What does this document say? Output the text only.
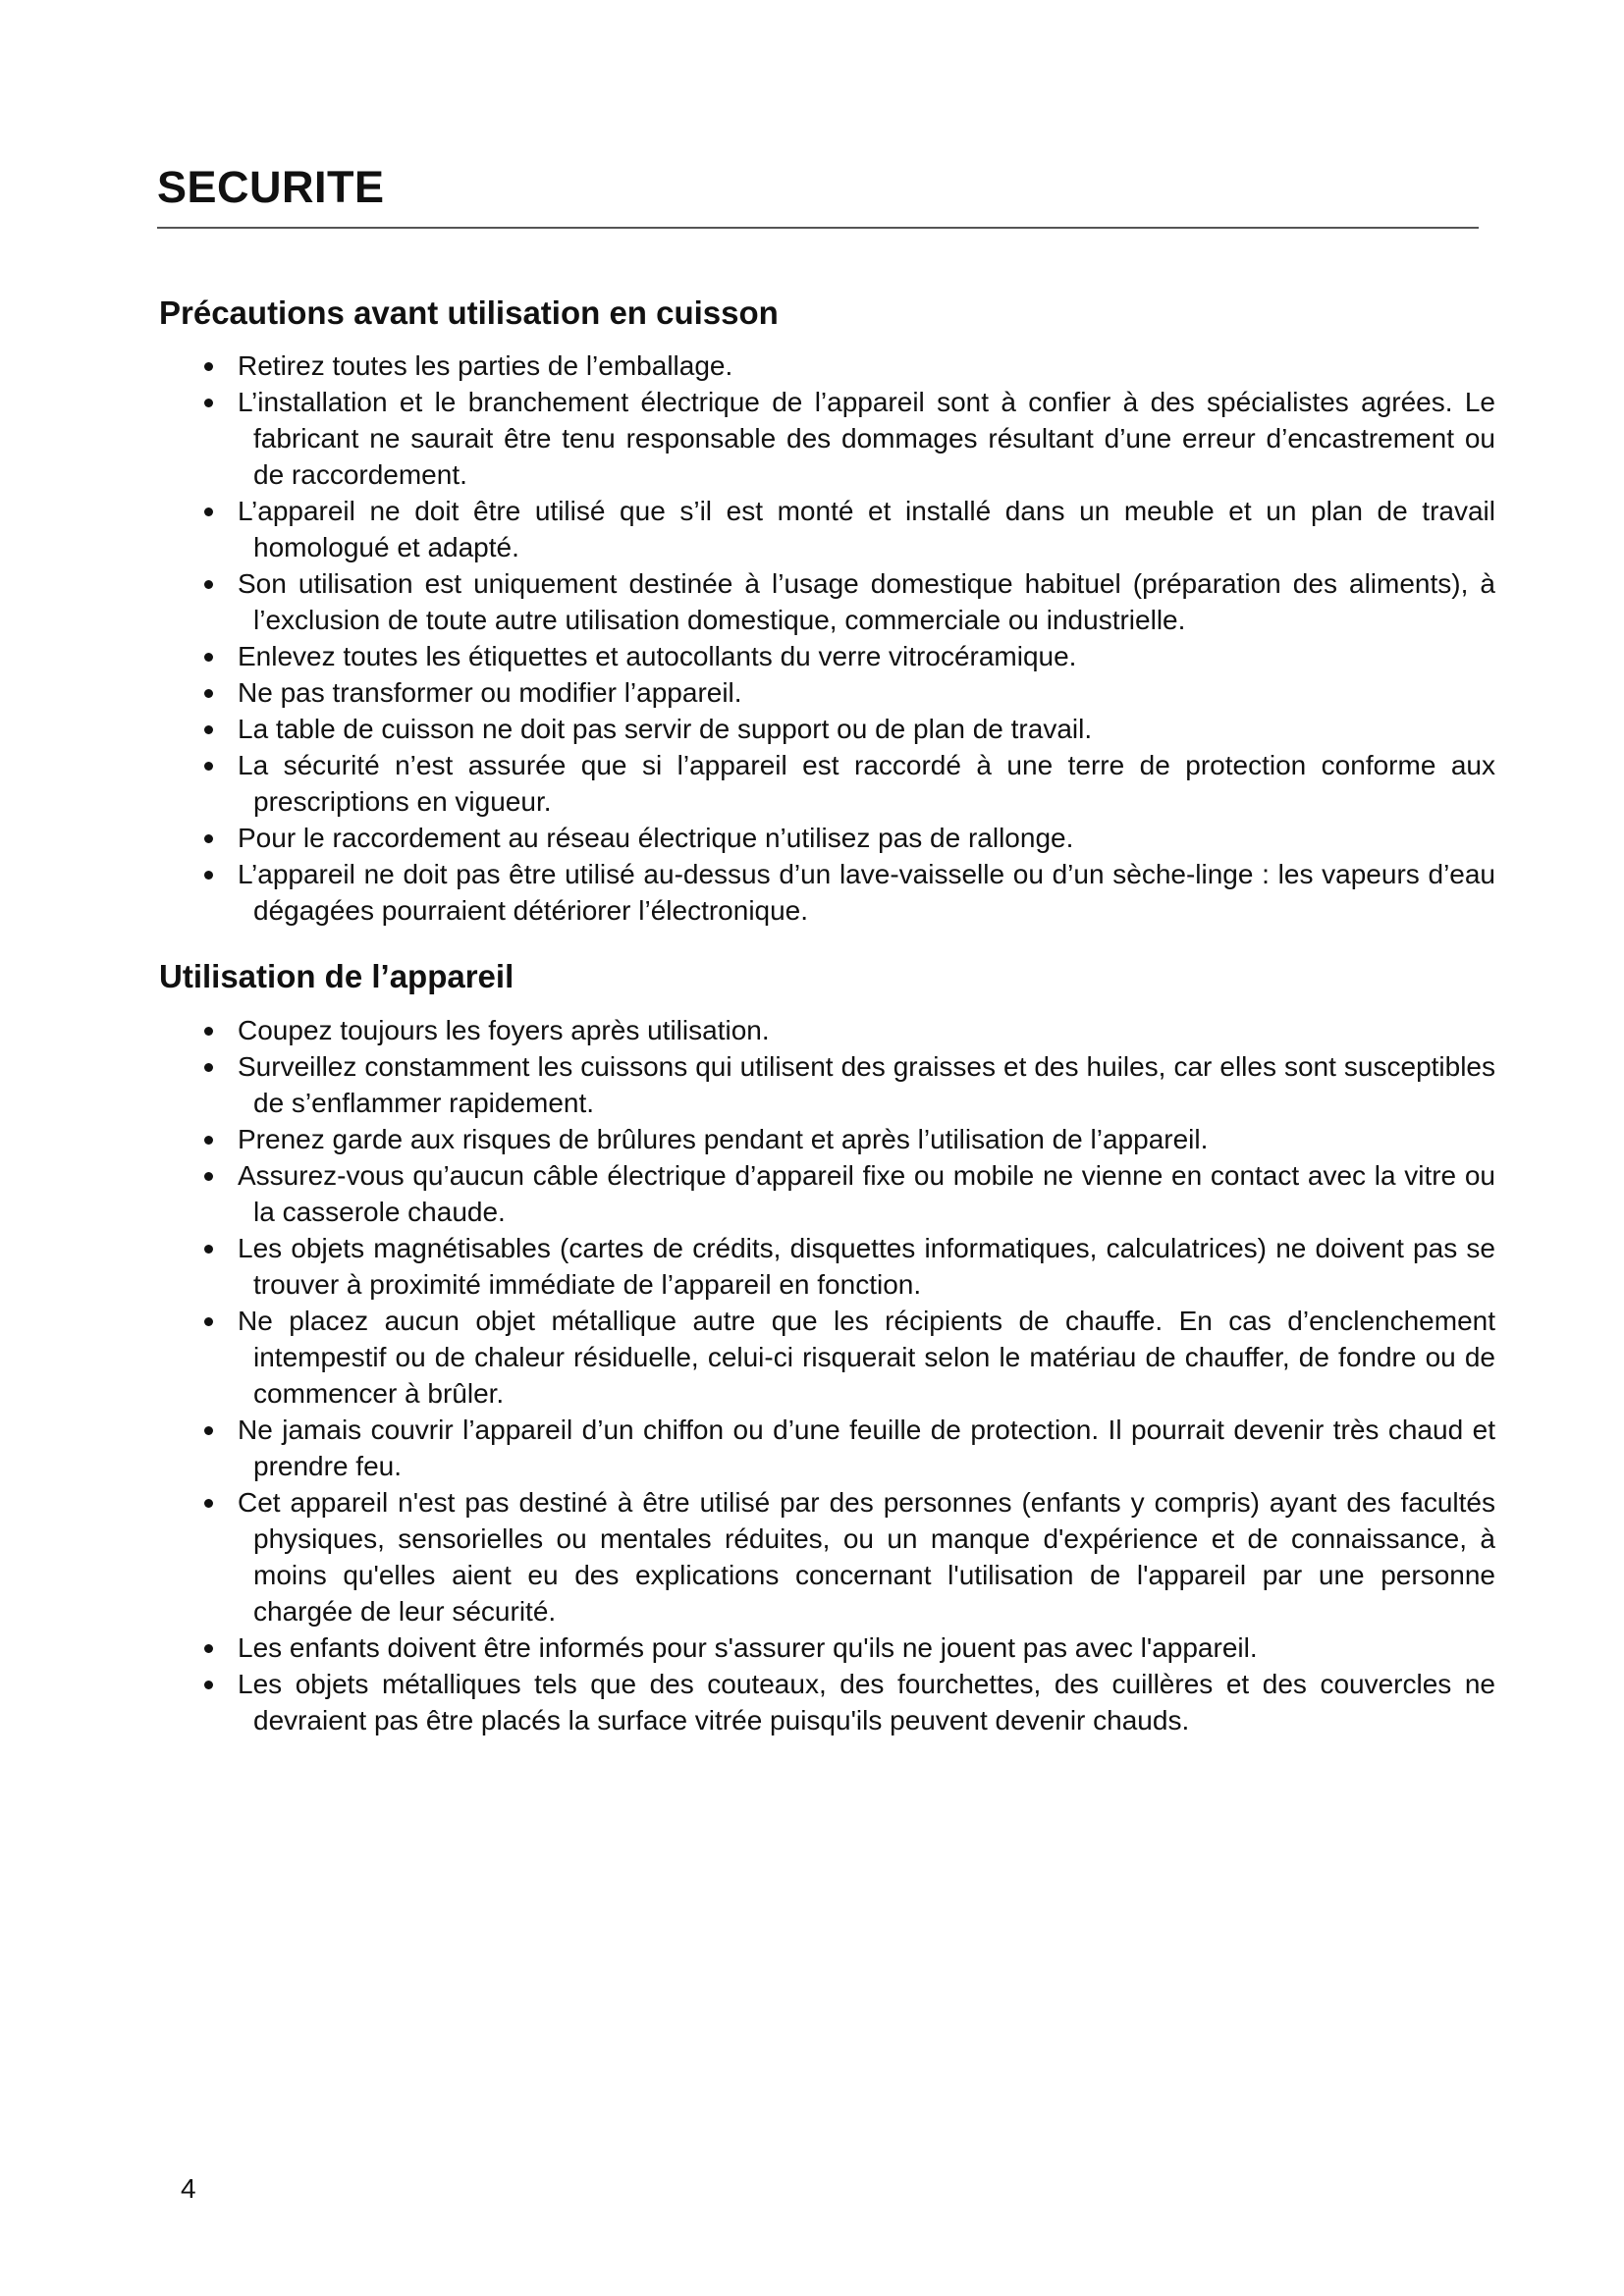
SECURITE
Précautions avant utilisation en cuisson
Retirez toutes les parties de l’emballage.
L’installation et le branchement électrique de l’appareil sont à confier à des spécialistes agrées. Le fabricant ne saurait être tenu responsable des dommages résultant d’une erreur d’encastrement ou de raccordement.
L’appareil ne doit être utilisé que s’il est monté et installé dans un meuble et un plan de travail homologué et adapté.
Son utilisation est uniquement destinée à l’usage domestique habituel (préparation des aliments), à l’exclusion de toute autre utilisation domestique, commerciale ou industrielle.
Enlevez toutes les étiquettes et autocollants du verre vitrocéramique.
Ne pas transformer ou modifier l’appareil.
La table de cuisson ne doit pas servir de support ou de plan de travail.
La sécurité n’est assurée que si l’appareil est raccordé à une terre de protection conforme aux prescriptions en vigueur.
Pour le raccordement au réseau électrique n’utilisez pas de rallonge.
L’appareil ne doit pas être utilisé au-dessus d’un lave-vaisselle ou d’un sèche-linge : les vapeurs d’eau dégagées pourraient détériorer l’électronique.
Utilisation de l’appareil
Coupez toujours les foyers après utilisation.
Surveillez constamment les cuissons qui utilisent des graisses et des huiles, car elles sont susceptibles de s’enflammer rapidement.
Prenez garde aux risques de brûlures pendant et après l’utilisation de l’appareil.
Assurez-vous qu’aucun câble électrique d’appareil fixe ou mobile ne vienne en contact avec la vitre ou la casserole chaude.
Les objets magnétisables (cartes de crédits, disquettes informatiques, calculatrices) ne doivent pas se trouver à proximité immédiate de l’appareil en fonction.
Ne placez aucun objet métallique autre que les récipients de chauffe. En cas d’enclenchement intempestif ou de chaleur résiduelle, celui-ci risquerait selon le matériau de chauffer, de fondre ou de commencer à brûler.
Ne jamais couvrir l’appareil d’un chiffon ou d’une feuille de protection. Il pourrait devenir très chaud et prendre feu.
Cet appareil n'est pas destiné à être utilisé par des personnes (enfants y compris) ayant des facultés physiques, sensorielles ou mentales réduites, ou un manque d'expérience et de connaissance, à moins qu'elles aient eu des explications concernant l'utilisation de l'appareil par une personne chargée de leur sécurité.
Les enfants doivent être informés pour s'assurer qu'ils ne jouent pas avec l'appareil.
Les objets métalliques tels que des couteaux, des fourchettes, des cuillères et des couvercles ne devraient pas être placés la surface vitrée puisqu'ils peuvent devenir chauds.
4
